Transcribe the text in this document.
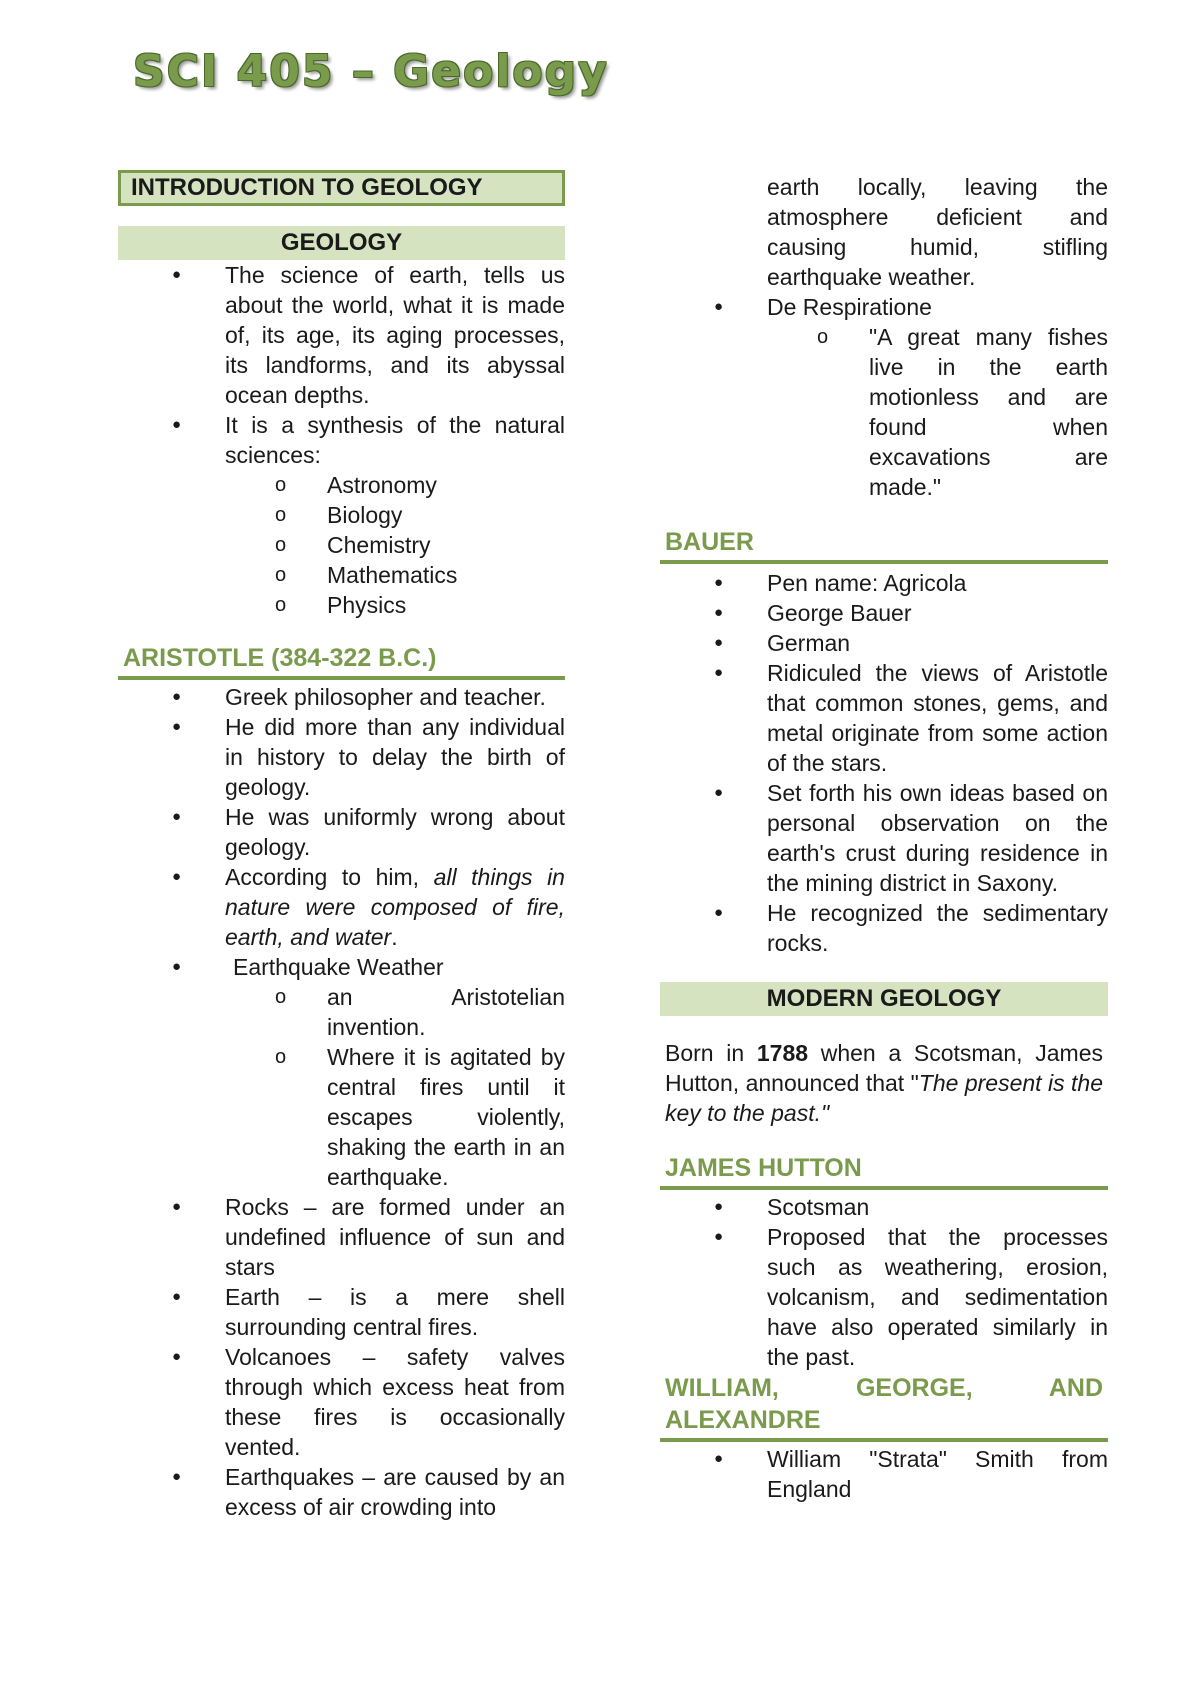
SCI 405 – Geology
INTRODUCTION TO GEOLOGY
GEOLOGY
● The science of earth, tells us about the world, what it is made of, its age, its aging processes, its landforms, and its abyssal ocean depths.
● It is a synthesis of the natural sciences:
o Astronomy
o Biology
o Chemistry
o Mathematics
o Physics
ARISTOTLE (384-322 B.C.)
● Greek philosopher and teacher.
● He did more than any individual in history to delay the birth of geology.
● He was uniformly wrong about geology.
● According to him, all things in nature were composed of fire, earth, and water.
● Earthquake Weather
o an Aristotelian invention.
o Where it is agitated by central fires until it escapes violently, shaking the earth in an earthquake.
● Rocks – are formed under an undefined influence of sun and stars
● Earth – is a mere shell surrounding central fires.
● Volcanoes – safety valves through which excess heat from these fires is occasionally vented.
● Earthquakes – are caused by an excess of air crowding into
earth locally, leaving the atmosphere deficient and causing humid, stifling earthquake weather.
● De Respiratione
o "A great many fishes live in the earth motionless and are found when excavations are made."
BAUER
● Pen name: Agricola
● George Bauer
● German
● Ridiculed the views of Aristotle that common stones, gems, and metal originate from some action of the stars.
● Set forth his own ideas based on personal observation on the earth's crust during residence in the mining district in Saxony.
● He recognized the sedimentary rocks.
MODERN GEOLOGY

Born in 1788 when a Scotsman, James Hutton, announced that "The present is the key to the past."

JAMES HUTTON
● Scotsman
● Proposed that the processes such as weathering, erosion, volcanism, and sedimentation have also operated similarly in the past.
WILLIAM, GEORGE, AND ALEXANDRE
● William "Strata" Smith from England
